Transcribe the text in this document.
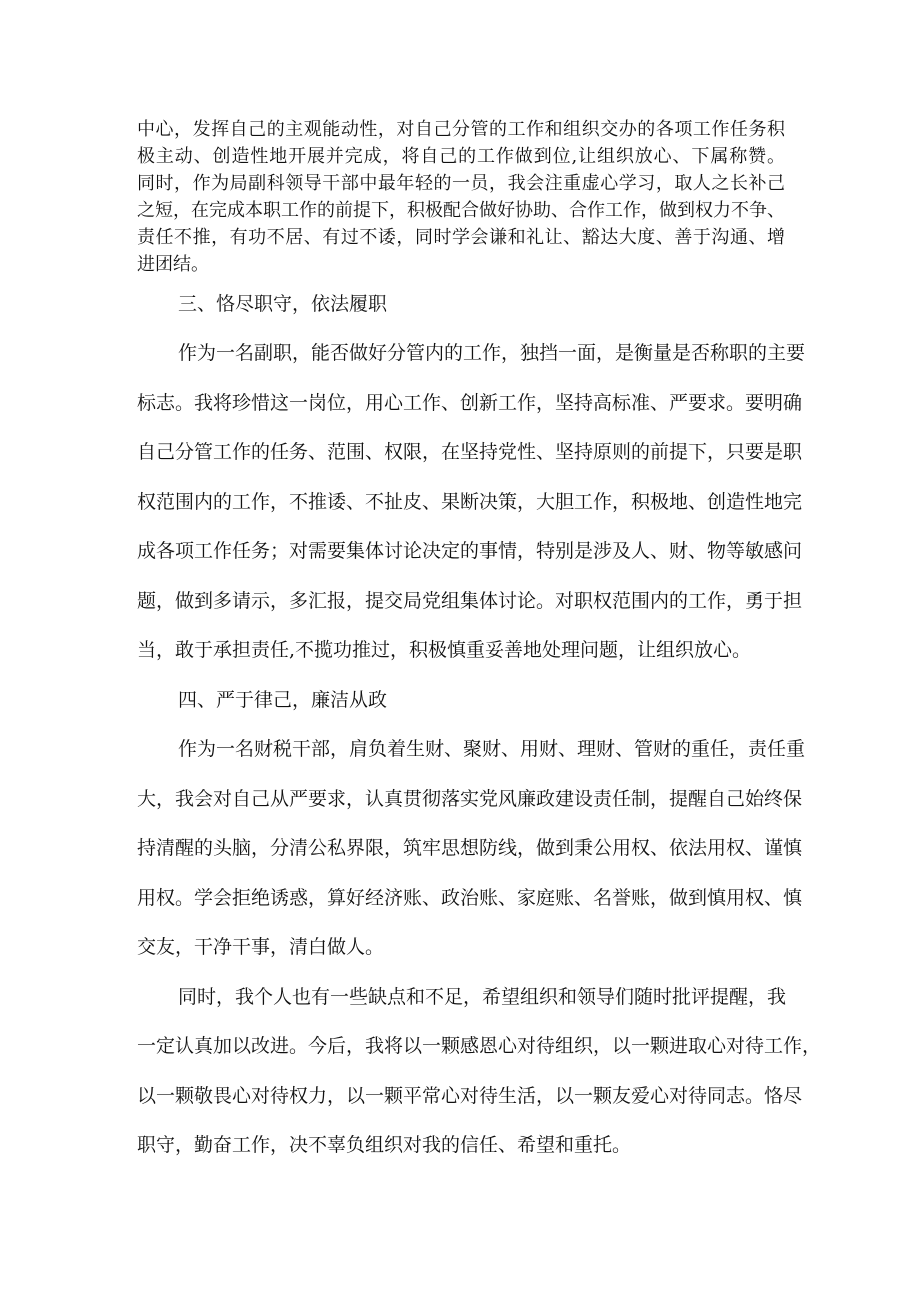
中心，发挥自己的主观能动性，对自己分管的工作和组织交办的各项工作任务积
极主动、创造性地开展并完成，将自己的工作做到位,让组织放心、下属称赞。
同时，作为局副科领导干部中最年轻的一员，我会注重虚心学习，取人之长补己
之短，在完成本职工作的前提下，积极配合做好协助、合作工作，做到权力不争、
责任不推，有功不居、有过不诿，同时学会谦和礼让、豁达大度、善于沟通、增
进团结。
三、恪尽职守，依法履职
作为一名副职，能否做好分管内的工作，独挡一面，是衡量是否称职的主要
标志。我将珍惜这一岗位，用心工作、创新工作，坚持高标准、严要求。要明确
自己分管工作的任务、范围、权限，在坚持党性、坚持原则的前提下，只要是职
权范围内的工作，不推诿、不扯皮、果断决策，大胆工作，积极地、创造性地完
成各项工作任务；对需要集体讨论决定的事情，特别是涉及人、财、物等敏感问
题，做到多请示，多汇报，提交局党组集体讨论。对职权范围内的工作，勇于担
当，敢于承担责任,不揽功推过，积极慎重妥善地处理问题，让组织放心。
四、严于律己，廉洁从政
作为一名财税干部，肩负着生财、聚财、用财、理财、管财的重任，责任重
大，我会对自己从严要求，认真贯彻落实党风廉政建设责任制，提醒自己始终保
持清醒的头脑，分清公私界限，筑牢思想防线，做到秉公用权、依法用权、谨慎
用权。学会拒绝诱惑，算好经济账、政治账、家庭账、名誉账，做到慎用权、慎
交友，干净干事，清白做人。
同时，我个人也有一些缺点和不足，希望组织和领导们随时批评提醒，我
一定认真加以改进。今后，我将以一颗感恩心对待组织，以一颗进取心对待工作，
以一颗敬畏心对待权力，以一颗平常心对待生活，以一颗友爱心对待同志。恪尽
职守，勤奋工作，决不辜负组织对我的信任、希望和重托。
